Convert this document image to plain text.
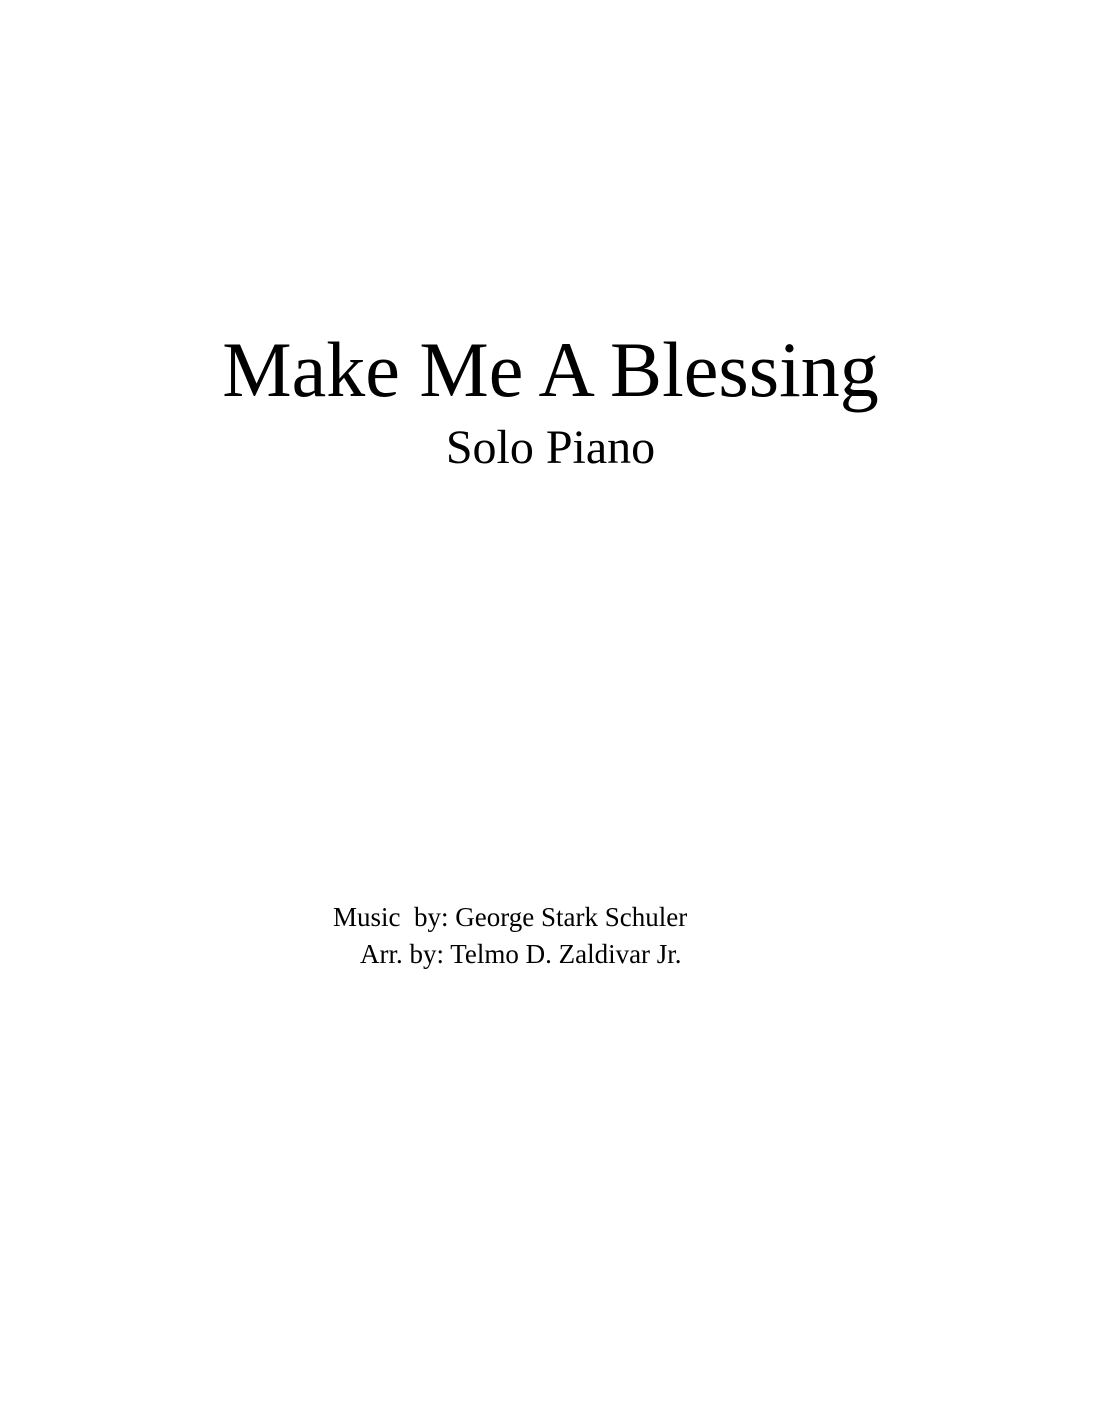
Make Me A Blessing
Solo Piano
Music  by: George Stark Schuler
Arr. by: Telmo D. Zaldivar Jr.
